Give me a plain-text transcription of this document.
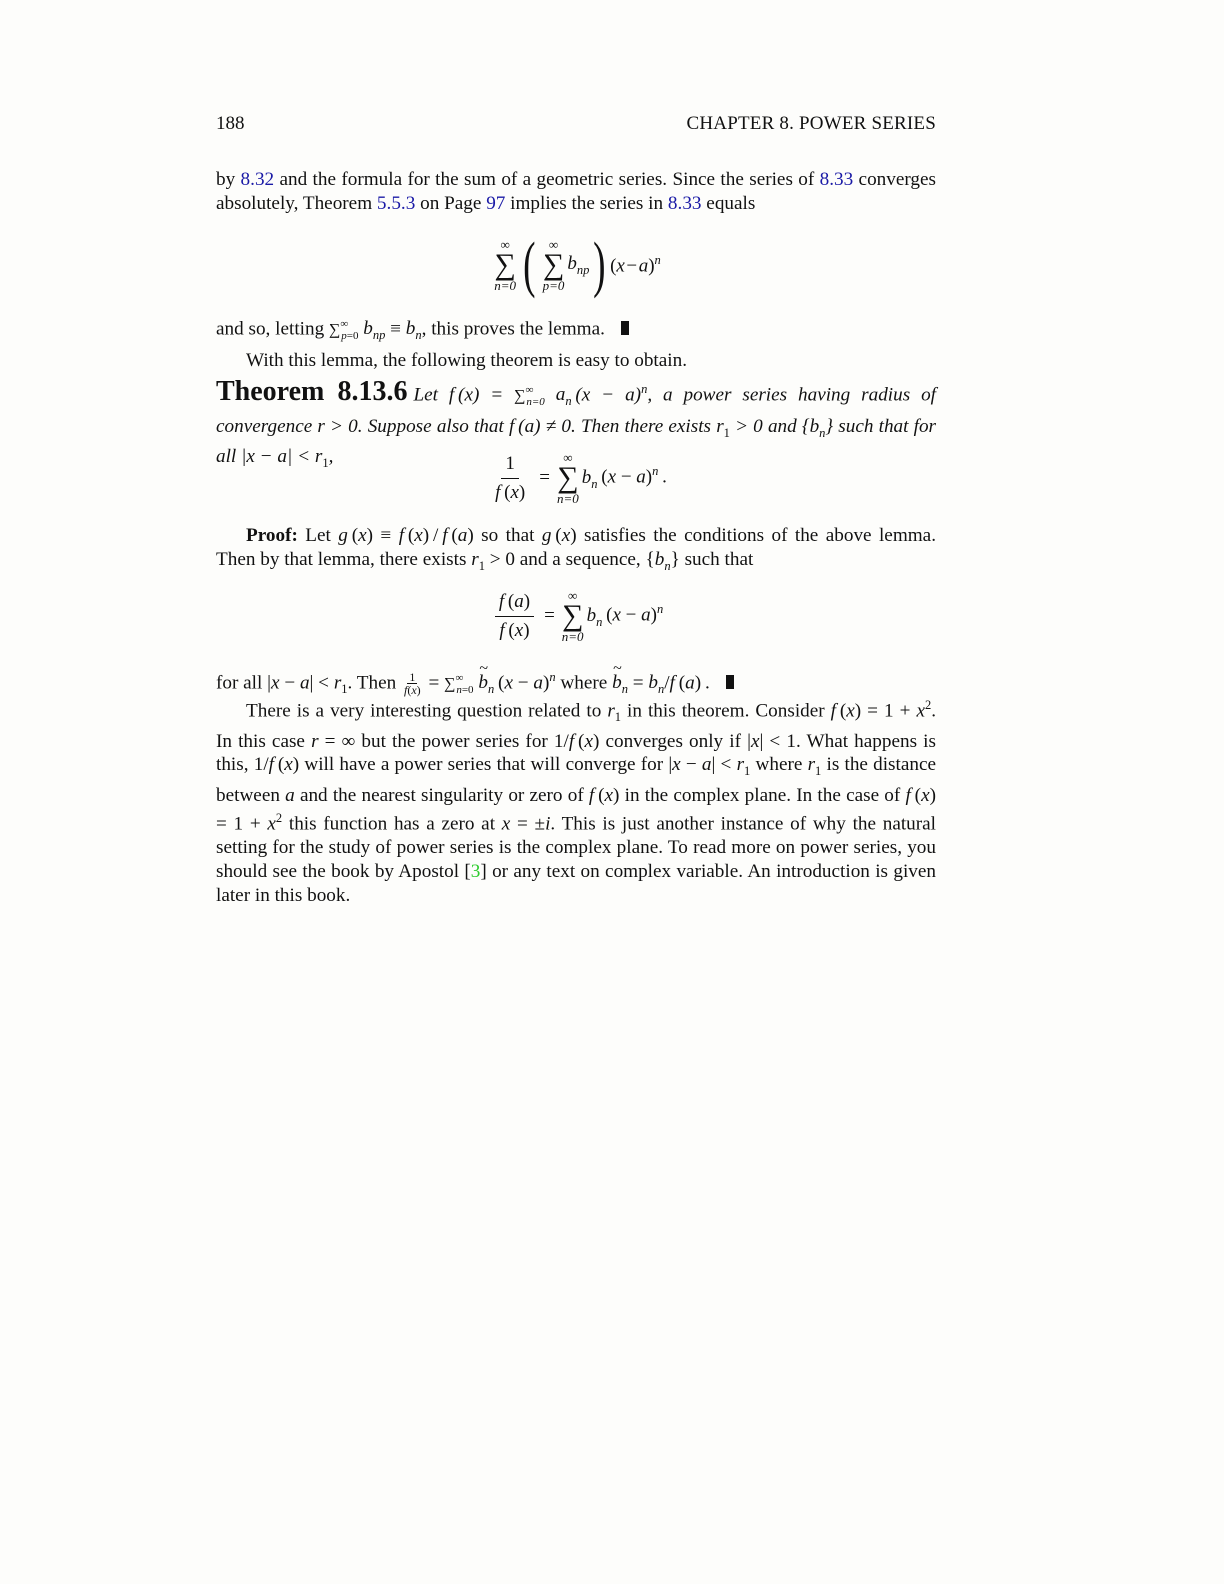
188	CHAPTER 8. POWER SERIES

by 8.32 and the formula for the sum of a geometric series. Since the series of 8.33 converges absolutely, Theorem 5.5.3 on Page 97 implies the series in 8.33 equals

∞
∑
n=0 ( ∞
∑
p=0
$b_{np}$ ) (x − a)$^n$

and so, letting $\sum^\infty_{p=0}$ $b_{np} \equiv b_n$, this proves the lemma.

With this lemma, the following theorem is easy to obtain.

Theorem 8.13.6 Let f $(x) = \sum^\infty_{n=0}$ $a_n$ $(x - a)^n$, a power series having radius of convergence r > 0. Suppose also that f (a) ≠ 0. Then there exists $r_1 > 0$ and $\{b_n\}$ such that for all $|x - a| < r_1$,	$\frac{1}{f (x)}$ =
∞
∑
n=0
$b_n$ $(x - a)^n$ .

Proof: Let g (x) ≡ f (x) / f (a) so that g (x) satisfies the conditions of the above lemma. Then by that lemma, there exists $r_1 > 0$ and a sequence, $\{b_n\}$ such that

$\frac{f (a)}{f (x)}$ =
∞
∑
n=0
$b_n$ $(x - a)^n$

for all $|x - a| < r_1$. Then $\frac{1}{f(x)} = \sum^\infty_{n=0}$ ~ $b_n$ $(x - a)^n$ where ~ $b_n = b_n/f$ (a) .

There is a very interesting question related to $r_1$ in this theorem. Consider f $(x) = 1 + x^2$. In this case r = ∞ but the power series for 1/f (x) converges only if |x| < 1. What happens is this, 1/f (x) will have a power series that will converge for $|x - a| < r_1$ where $r_1$ is the distance between a and the nearest singularity or zero of f (x) in the complex plane. In the case of f $(x) = 1 + x^2$ this function has a zero at x = ±i. This is just another instance of why the natural setting for the study of power series is the complex plane. To read more on power series, you should see the book by Apostol [3] or any text on complex variable. An introduction is given later in this book.
